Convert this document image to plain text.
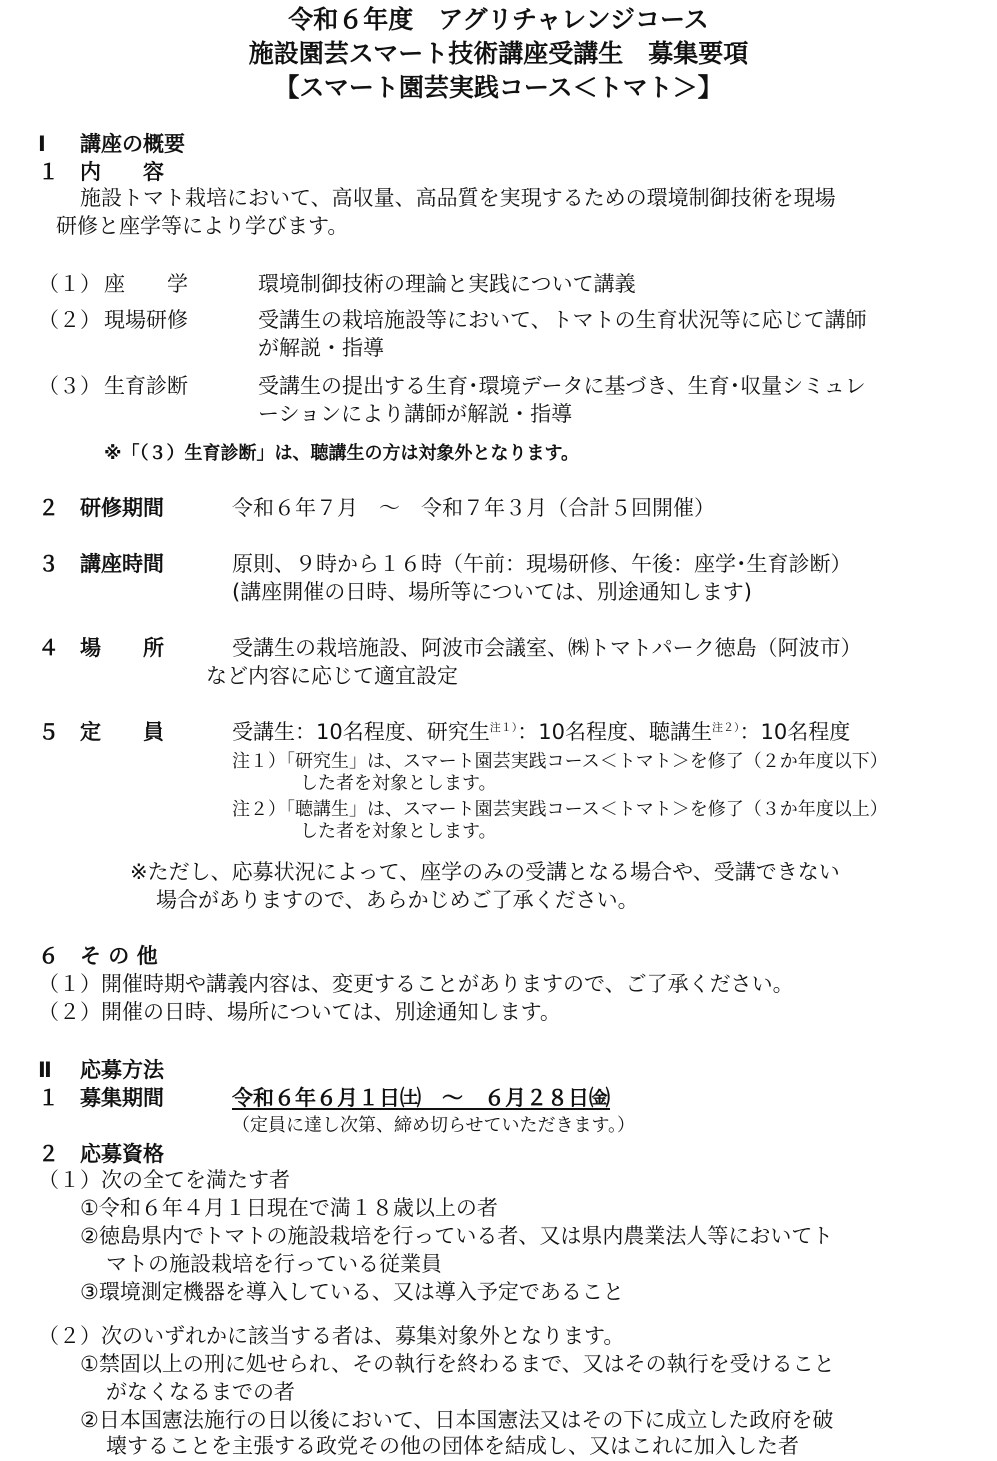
令和６年度　アグリチャレンジコース
施設園芸スマート技術講座受講生　募集要項
【スマート園芸実践コース＜トマト＞】
Ⅰ 講座の概要
１ 内　　容
施設トマト栽培において、高収量、高品質を実現するための環境制御技術を現場
研修と座学等により学びます。
（１） 座　　学	環境制御技術の理論と実践について講義
（２） 現場研修	受講生の栽培施設等において、トマトの生育状況等に応じて講師
が解説・指導
（３） 生育診断	受講生の提出する生育･環境データに基づき、生育･収量シミュレ
ーションにより講師が解説・指導
※「（３）生育診断」は、聴講生の方は対象外となります。
２ 研修期間	令和６年７月　～　令和７年３月（合計５回開催）
３ 講座時間	原則、９時から１６時（午前：現場研修、午後：座学･生育診断）
(講座開催の日時、場所等については、別途通知します)
４ 場　　所	受講生の栽培施設、阿波市会議室、㈱トマトパーク徳島（阿波市）
など内容に応じて適宜設定
５ 定　　員	受講生：10名程度、研究生$^{注1)}$：10名程度、聴講生$^{注2)}$：10名程度
注１）「研究生」は、スマート園芸実践コース＜トマト＞を修了（２か年度以下）
した者を対象とします。
注２）「聴講生」は、スマート園芸実践コース＜トマト＞を修了（３か年度以上）
した者を対象とします。
※ただし、応募状況によって、座学のみの受講となる場合や、受講できない
場合がありますので、あらかじめご了承ください。
６ そ の 他
（１）開催時期や講義内容は、変更することがありますので、ご了承ください。
（２）開催の日時、場所については、別途通知します。
Ⅱ 応募方法
１ 募集期間	令和６年６月１日㈯　～　６月２８日㈮
（定員に達し次第、締め切らせていただきます。）
２ 応募資格
（１）次の全てを満たす者
①令和６年４月１日現在で満１８歳以上の者
②徳島県内でトマトの施設栽培を行っている者、又は県内農業法人等においてト
マトの施設栽培を行っている従業員
③環境測定機器を導入している、又は導入予定であること
（２）次のいずれかに該当する者は、募集対象外となります。
①禁固以上の刑に処せられ、その執行を終わるまで、又はその執行を受けること
がなくなるまでの者
②日本国憲法施行の日以後において、日本国憲法又はその下に成立した政府を破
壊することを主張する政党その他の団体を結成し、又はこれに加入した者
